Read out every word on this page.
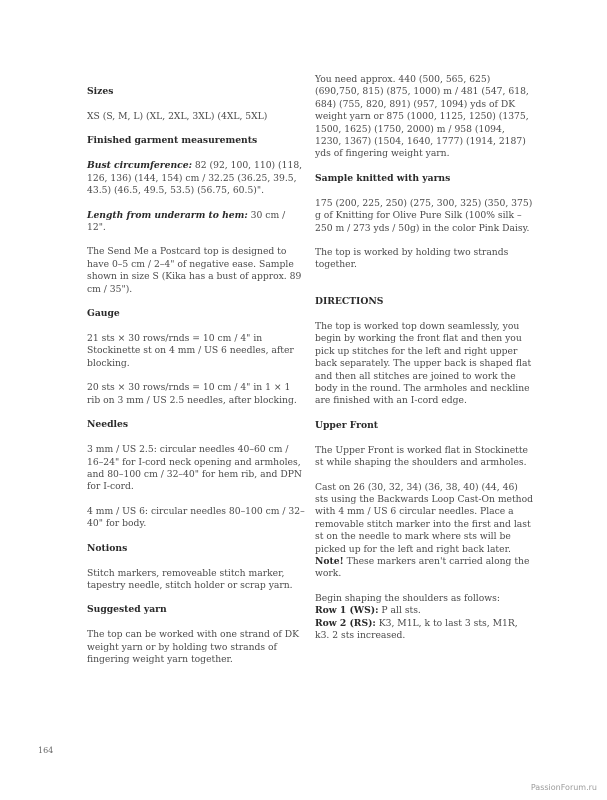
Sizes

XS (S, M, L) (XL, 2XL, 3XL) (4XL, 5XL)

Finished garment measurements

Bust circumference: 82 (92, 100, 110) (118, 126, 136) (144, 154) cm / 32.25 (36.25, 39.5, 43.5) (46.5, 49.5, 53.5) (56.75, 60.5)".

Length from underarm to hem: 30 cm / 12".

The Send Me a Postcard top is designed to have 0–5 cm / 2–4" of negative ease. Sample shown in size S (Kika has a bust of approx. 89 cm / 35").

Gauge

21 sts × 30 rows/rnds = 10 cm / 4" in Stockinette st on 4 mm / US 6 needles, after blocking.

20 sts × 30 rows/rnds = 10 cm / 4" in 1 × 1 rib on 3 mm / US 2.5 needles, after blocking.

Needles

3 mm / US 2.5: circular needles 40–60 cm / 16–24" for I-cord neck opening and armholes, and 80–100 cm / 32–40" for hem rib, and DPN for I-cord.

4 mm / US 6: circular needles 80–100 cm / 32–40" for body.

Notions

Stitch markers, removeable stitch marker, tapestry needle, stitch holder or scrap yarn.

Suggested yarn

The top can be worked with one strand of DK weight yarn or by holding two strands of fingering weight yarn together.

You need approx. 440 (500, 565, 625) (690,750, 815) (875, 1000) m / 481 (547, 618, 684) (755, 820, 891) (957, 1094) yds of DK weight yarn or 875 (1000, 1125, 1250) (1375, 1500, 1625) (1750, 2000) m / 958 (1094, 1230, 1367) (1504, 1640, 1777) (1914, 2187) yds of fingering weight yarn.

Sample knitted with yarns

175 (200, 225, 250) (275, 300, 325) (350, 375) g of Knitting for Olive Pure Silk (100% silk – 250 m / 273 yds / 50g) in the color Pink Daisy.

The top is worked by holding two strands together.

DIRECTIONS

The top is worked top down seamlessly, you begin by working the front flat and then you pick up stitches for the left and right upper back separately. The upper back is shaped flat and then all stitches are joined to work the body in the round. The armholes and neckline are finished with an I-cord edge.

Upper Front

The Upper Front is worked flat in Stockinette st while shaping the shoulders and armholes.

Cast on 26 (30, 32, 34) (36, 38, 40) (44, 46) sts using the Backwards Loop Cast-On method with 4 mm / US 6 circular needles. Place a removable stitch marker into the first and last st on the needle to mark where sts will be picked up for the left and right back later. Note! These markers aren't carried along the work.

Begin shaping the shoulders as follows:

Row 1 (WS): P all sts.

Row 2 (RS): K3, M1L, k to last 3 sts, M1R, k3. 2 sts increased.

164
PassionForum.ru
